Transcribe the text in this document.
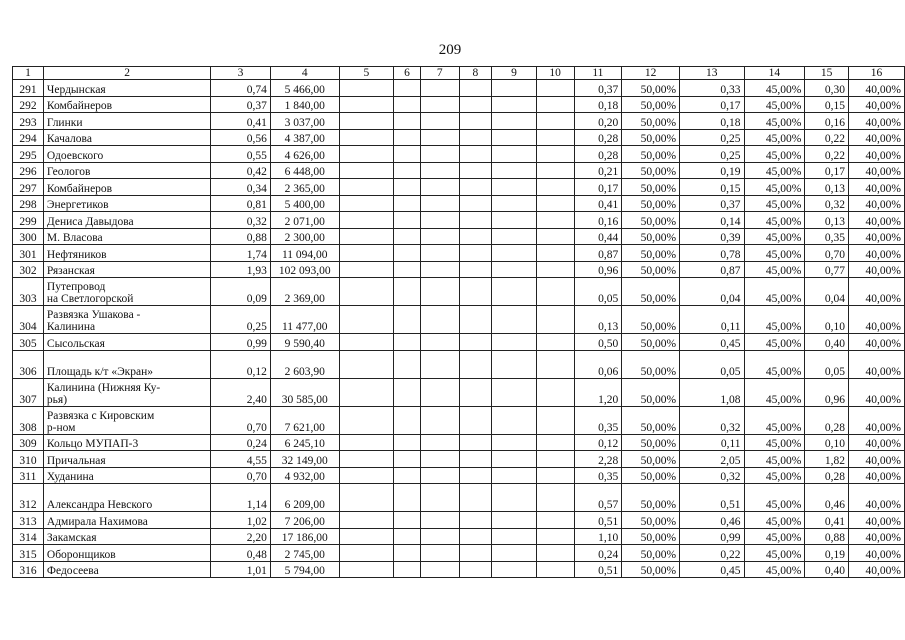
209
1	2	3	4	5	6	7	8	9	10	11	12	13	14	15	16
291	Чердынская	0,74	5 466,00							0,37	50,00%	0,33	45,00%	0,30	40,00%
292	Комбайнеров	0,37	1 840,00							0,18	50,00%	0,17	45,00%	0,15	40,00%
293	Глинки	0,41	3 037,00							0,20	50,00%	0,18	45,00%	0,16	40,00%
294	Качалова	0,56	4 387,00							0,28	50,00%	0,25	45,00%	0,22	40,00%
295	Одоевского	0,55	4 626,00							0,28	50,00%	0,25	45,00%	0,22	40,00%
296	Геологов	0,42	6 448,00							0,21	50,00%	0,19	45,00%	0,17	40,00%
297	Комбайнеров	0,34	2 365,00							0,17	50,00%	0,15	45,00%	0,13	40,00%
298	Энергетиков	0,81	5 400,00							0,41	50,00%	0,37	45,00%	0,32	40,00%
299	Дениса Давыдова	0,32	2 071,00							0,16	50,00%	0,14	45,00%	0,13	40,00%
300	М. Власова	0,88	2 300,00							0,44	50,00%	0,39	45,00%	0,35	40,00%
301	Нефтяников	1,74	11 094,00							0,87	50,00%	0,78	45,00%	0,70	40,00%
302	Рязанская	1,93	102 093,00							0,96	50,00%	0,87	45,00%	0,77	40,00%
303	Путепровод
на Светлогорской	0,09	2 369,00							0,05	50,00%	0,04	45,00%	0,04	40,00%
304	Развязка Ушакова -
Калинина	0,25	11 477,00							0,13	50,00%	0,11	45,00%	0,10	40,00%
305	Сысольская	0,99	9 590,40							0,50	50,00%	0,45	45,00%	0,40	40,00%
306	Площадь к/т «Экран»	0,12	2 603,90							0,06	50,00%	0,05	45,00%	0,05	40,00%
307	Калинина (Нижняя Ку-
рья)	2,40	30 585,00							1,20	50,00%	1,08	45,00%	0,96	40,00%
308	Развязка с Кировским
р-ном	0,70	7 621,00							0,35	50,00%	0,32	45,00%	0,28	40,00%
309	Кольцо МУПАП-3	0,24	6 245,10							0,12	50,00%	0,11	45,00%	0,10	40,00%
310	Причальная	4,55	32 149,00							2,28	50,00%	2,05	45,00%	1,82	40,00%
311	Худанина	0,70	4 932,00							0,35	50,00%	0,32	45,00%	0,28	40,00%
312	Александра Невского	1,14	6 209,00							0,57	50,00%	0,51	45,00%	0,46	40,00%
313	Адмирала Нахимова	1,02	7 206,00							0,51	50,00%	0,46	45,00%	0,41	40,00%
314	Закамская	2,20	17 186,00							1,10	50,00%	0,99	45,00%	0,88	40,00%
315	Оборонщиков	0,48	2 745,00							0,24	50,00%	0,22	45,00%	0,19	40,00%
316	Федосеева	1,01	5 794,00							0,51	50,00%	0,45	45,00%	0,40	40,00%
